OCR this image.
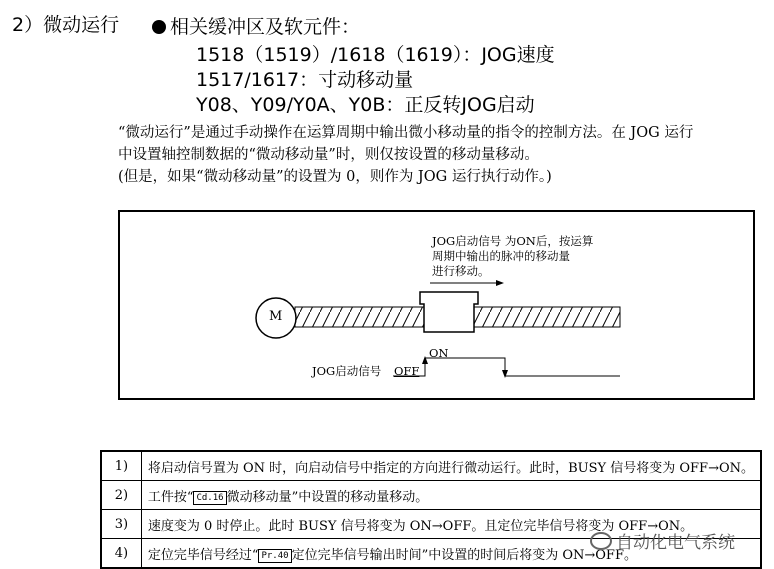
2）微动运行	相关缓冲区及软元件：
1518（1519）/1618（1619）：JOG速度
1517/1617：寸动移动量
Y08、Y09/Y0A、Y0B：正反转JOG启动
“微动运行”是通过手动操作在运算周期中输出微小移动量的指令的控制方法。在 JOG 运行
中设置轴控制数据的“微动移动量”时，则仅按设置的移动量移动。
(但是，如果“微动移动量”的设置为 0，则作为 JOG 运行执行动作。)
JOG启动信号 为ON后，按运算
周期中输出的脉冲的移动量
进行移动。
M
JOG启动信号 OFF
ON
1)	将启动信号置为 ON 时，向启动信号中指定的方向进行微动运行。此时，BUSY 信号将变为 OFF→ON。
2)	工件按“ Cd.16 微动移动量”中设置的移动量移动。
3)	速度变为 0 时停止。此时 BUSY 信号将变为 ON→OFF。且定位完毕信号将变为 OFF→ON。
4)	定位完毕信号经过“ Pr.40 定位完毕信号输出时间”中设置的时间后将变为 ON→OFF。
自动化电气系统
